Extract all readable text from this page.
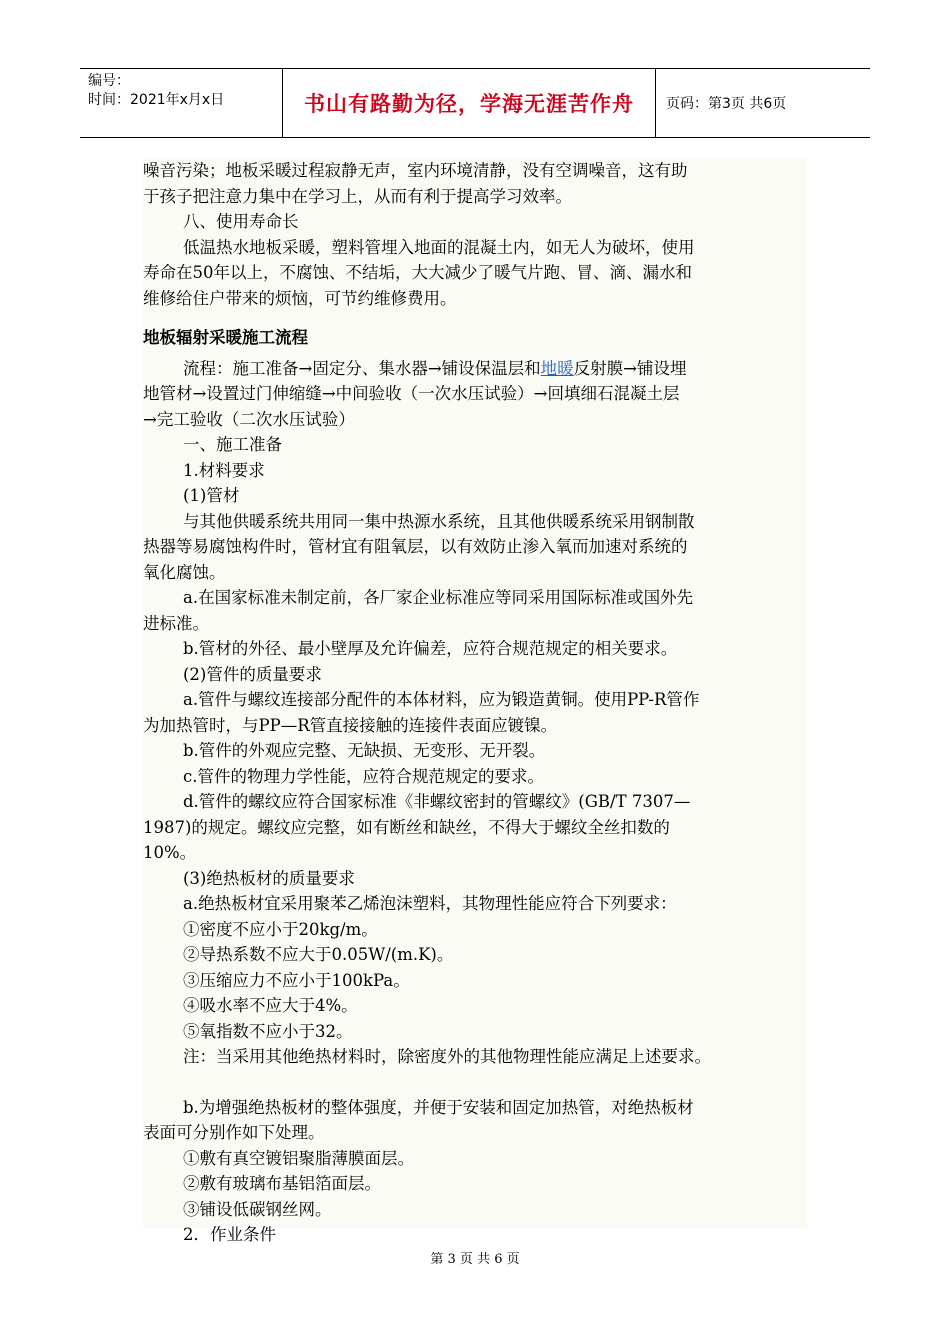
编号：
时间：2021年x月x日	书山有路勤为径，学海无涯苦作舟	页码：第3页 共6页

噪音污染；地板采暖过程寂静无声，室内环境清静，没有空调噪音，这有助

于孩子把注意力集中在学习上，从而有利于提高学习效率。

八、使用寿命长

低温热水地板采暖，塑料管埋入地面的混凝土内，如无人为破坏，使用

寿命在50年以上，不腐蚀、不结垢，大大减少了暖气片跑、冒、滴、漏水和

维修给住户带来的烦恼，可节约维修费用。

地板辐射采暖施工流程

流程：施工准备→固定分、集水器→铺设保温层和地暖反射膜→铺设埋

地管材→设置过门伸缩缝→中间验收（一次水压试验）→回填细石混凝土层

→完工验收（二次水压试验）

一、施工准备

1.材料要求

(1)管材

与其他供暖系统共用同一集中热源水系统，且其他供暖系统采用钢制散

热器等易腐蚀构件时，管材宜有阻氧层，以有效防止渗入氧而加速对系统的

氧化腐蚀。

a.在国家标准未制定前，各厂家企业标准应等同采用国际标准或国外先

进标准。

b.管材的外径、最小壁厚及允许偏差，应符合规范规定的相关要求。

(2)管件的质量要求

a.管件与螺纹连接部分配件的本体材料，应为锻造黄铜。使用PP-R管作

为加热管时，与PP—R管直接接触的连接件表面应镀镍。

b.管件的外观应完整、无缺损、无变形、无开裂。

c.管件的物理力学性能，应符合规范规定的要求。

d.管件的螺纹应符合国家标准《非螺纹密封的管螺纹》(GB/T 7307—

1987)的规定。螺纹应完整，如有断丝和缺丝，不得大于螺纹全丝扣数的

10%。

(3)绝热板材的质量要求

a.绝热板材宜采用聚苯乙烯泡沫塑料，其物理性能应符合下列要求：

①密度不应小于20kg/m。

②导热系数不应大于0.05W/(m.K)。

③压缩应力不应小于100kPa。

④吸水率不应大于4%。

⑤氧指数不应小于32。

注：当采用其他绝热材料时，除密度外的其他物理性能应满足上述要求。

b.为增强绝热板材的整体强度，并便于安装和固定加热管，对绝热板材

表面可分别作如下处理。

①敷有真空镀铝聚脂薄膜面层。

②敷有玻璃布基铝箔面层。

③铺设低碳钢丝网。

2．作业条件

第 3 页 共 6 页
